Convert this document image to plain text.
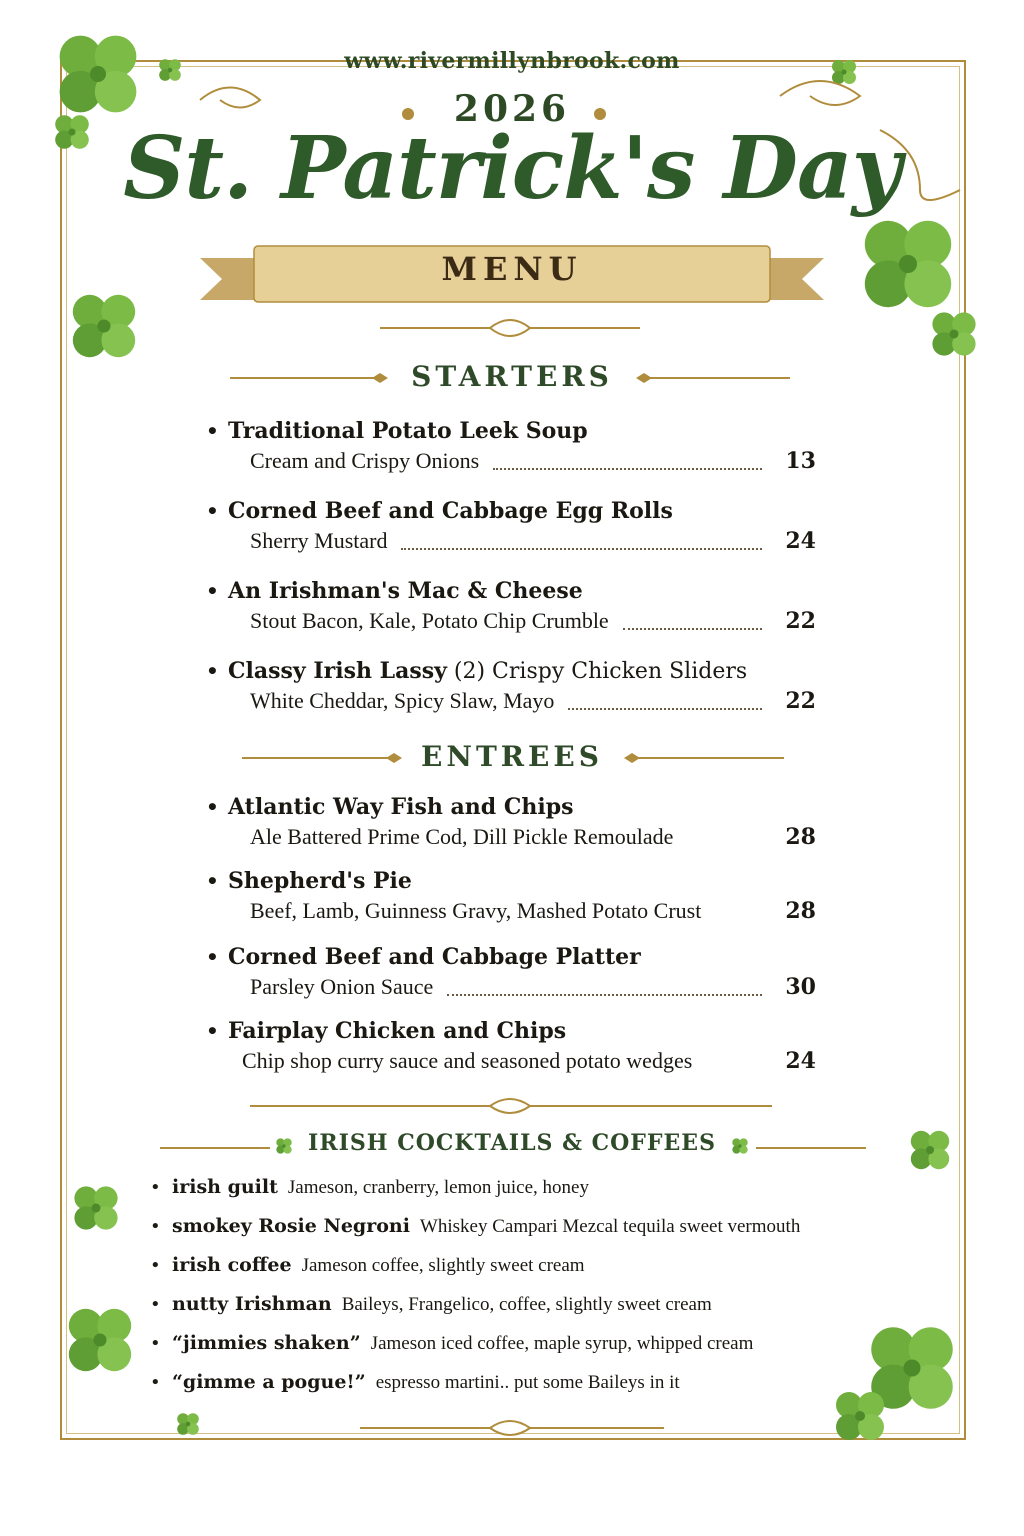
www.rivermillynbrook.com
2026
St. Patrick's Day
MENU
STARTERS
• Traditional Potato Leek Soup
Cream and Crispy Onions	13
• Corned Beef and Cabbage Egg Rolls
Sherry Mustard	24
• An Irishman's Mac & Cheese
Stout Bacon, Kale, Potato Chip Crumble	22
• Classy Irish Lassy (2) Crispy Chicken Sliders
White Cheddar, Spicy Slaw, Mayo	22
ENTREES
• Atlantic Way Fish and Chips
Ale Battered Prime Cod, Dill Pickle Remoulade	28
• Shepherd's Pie
Beef, Lamb, Guinness Gravy, Mashed Potato Crust	28
• Corned Beef and Cabbage Platter
Parsley Onion Sauce	30
• Fairplay Chicken and Chips
Chip shop curry sauce and seasoned potato wedges	24
IRISH COCKTAILS & COFFEES
• irish guilt Jameson, cranberry, lemon juice, honey
• smokey Rosie Negroni Whiskey Campari Mezcal tequila sweet vermouth
• irish coffee Jameson coffee, slightly sweet cream
• nutty Irishman Baileys, Frangelico, coffee, slightly sweet cream
• “jimmies shaken” Jameson iced coffee, maple syrup, whipped cream
• “gimme a pogue!” espresso martini.. put some Baileys in it
